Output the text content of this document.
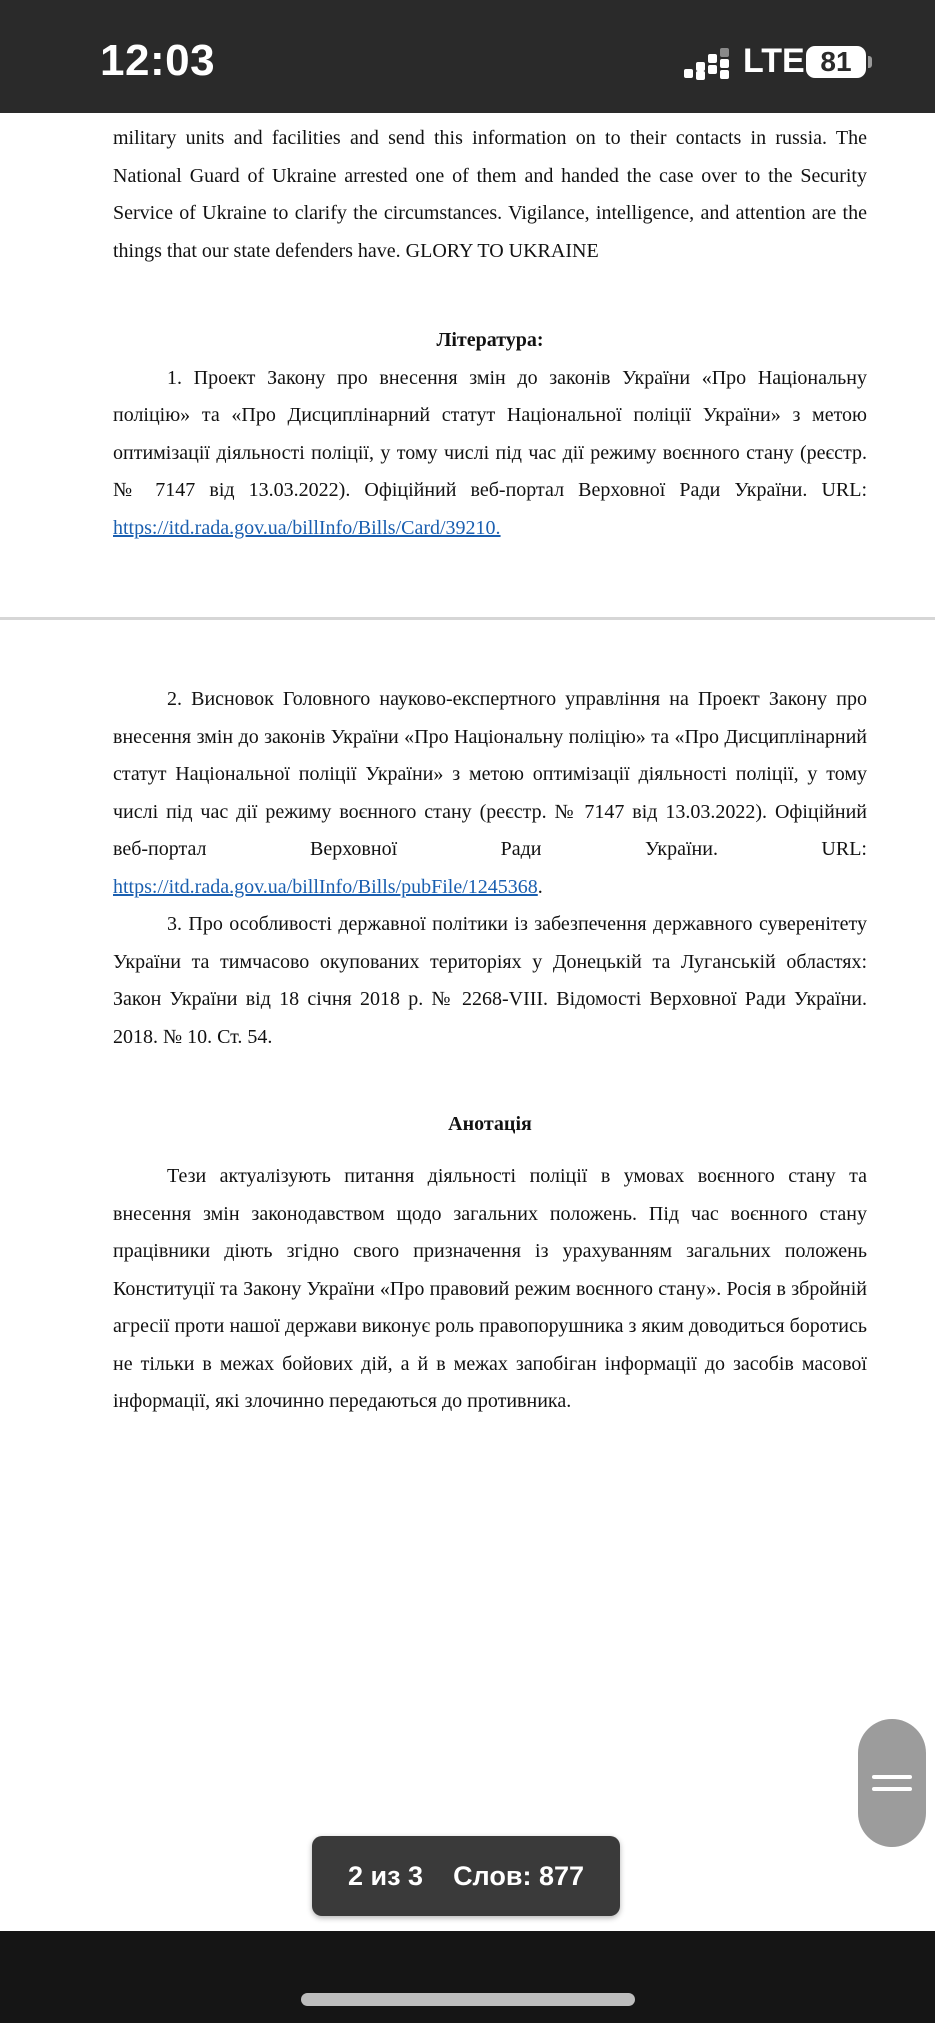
12:03	LTE 81

military units and facilities and send this information on to their contacts in russia. The National Guard of Ukraine arrested one of them and handed the case over to the Security Service of Ukraine to clarify the circumstances. Vigilance, intelligence, and attention are the things that our state defenders have. GLORY TO UKRAINE

Література:

1. Проект Закону про внесення змін до законів України «Про Національну поліцію» та «Про Дисциплінарний статут Національної поліції України» з метою оптимізації діяльності поліції, у тому числі під час дії режиму воєнного стану (реєстр. № 7147 від 13.03.2022). Офіційний веб-портал Верховної Ради України. URL: https://itd.rada.gov.ua/billInfo/Bills/Card/39210.

2. Висновок Головного науково-експертного управління на Проект Закону про внесення змін до законів України «Про Національну поліцію» та «Про Дисциплінарний статут Національної поліції України» з метою оптимізації діяльності поліції, у тому числі під час дії режиму воєнного стану (реєстр. № 7147 від 13.03.2022). Офіційний веб-портал Верховної Ради України. URL: https://itd.rada.gov.ua/billInfo/Bills/pubFile/1245368.

3. Про особливості державної політики із забезпечення державного суверенітету України та тимчасово окупованих територіях у Донецькій та Луганській областях: Закон України від 18 січня 2018 р. № 2268-VIII. Відомості Верховної Ради України. 2018. № 10. Ст. 54.

Анотація

Тези актуалізують питання діяльності поліції в умовах воєнного стану та внесення змін законодавством щодо загальних положень. Під час воєнного стану працівники діють згідно свого призначення із урахуванням загальних положень Конституції та Закону України «Про правовий режим воєнного стану». Росія в збройній агресії проти нашої держави виконує роль правопорушника з яким доводиться боротись не тільки в межах бойових дій, а й в межах запобіган інформації до засобів масової інформації, які злочинно передаються до противника.

2 из 3 Слов: 877
